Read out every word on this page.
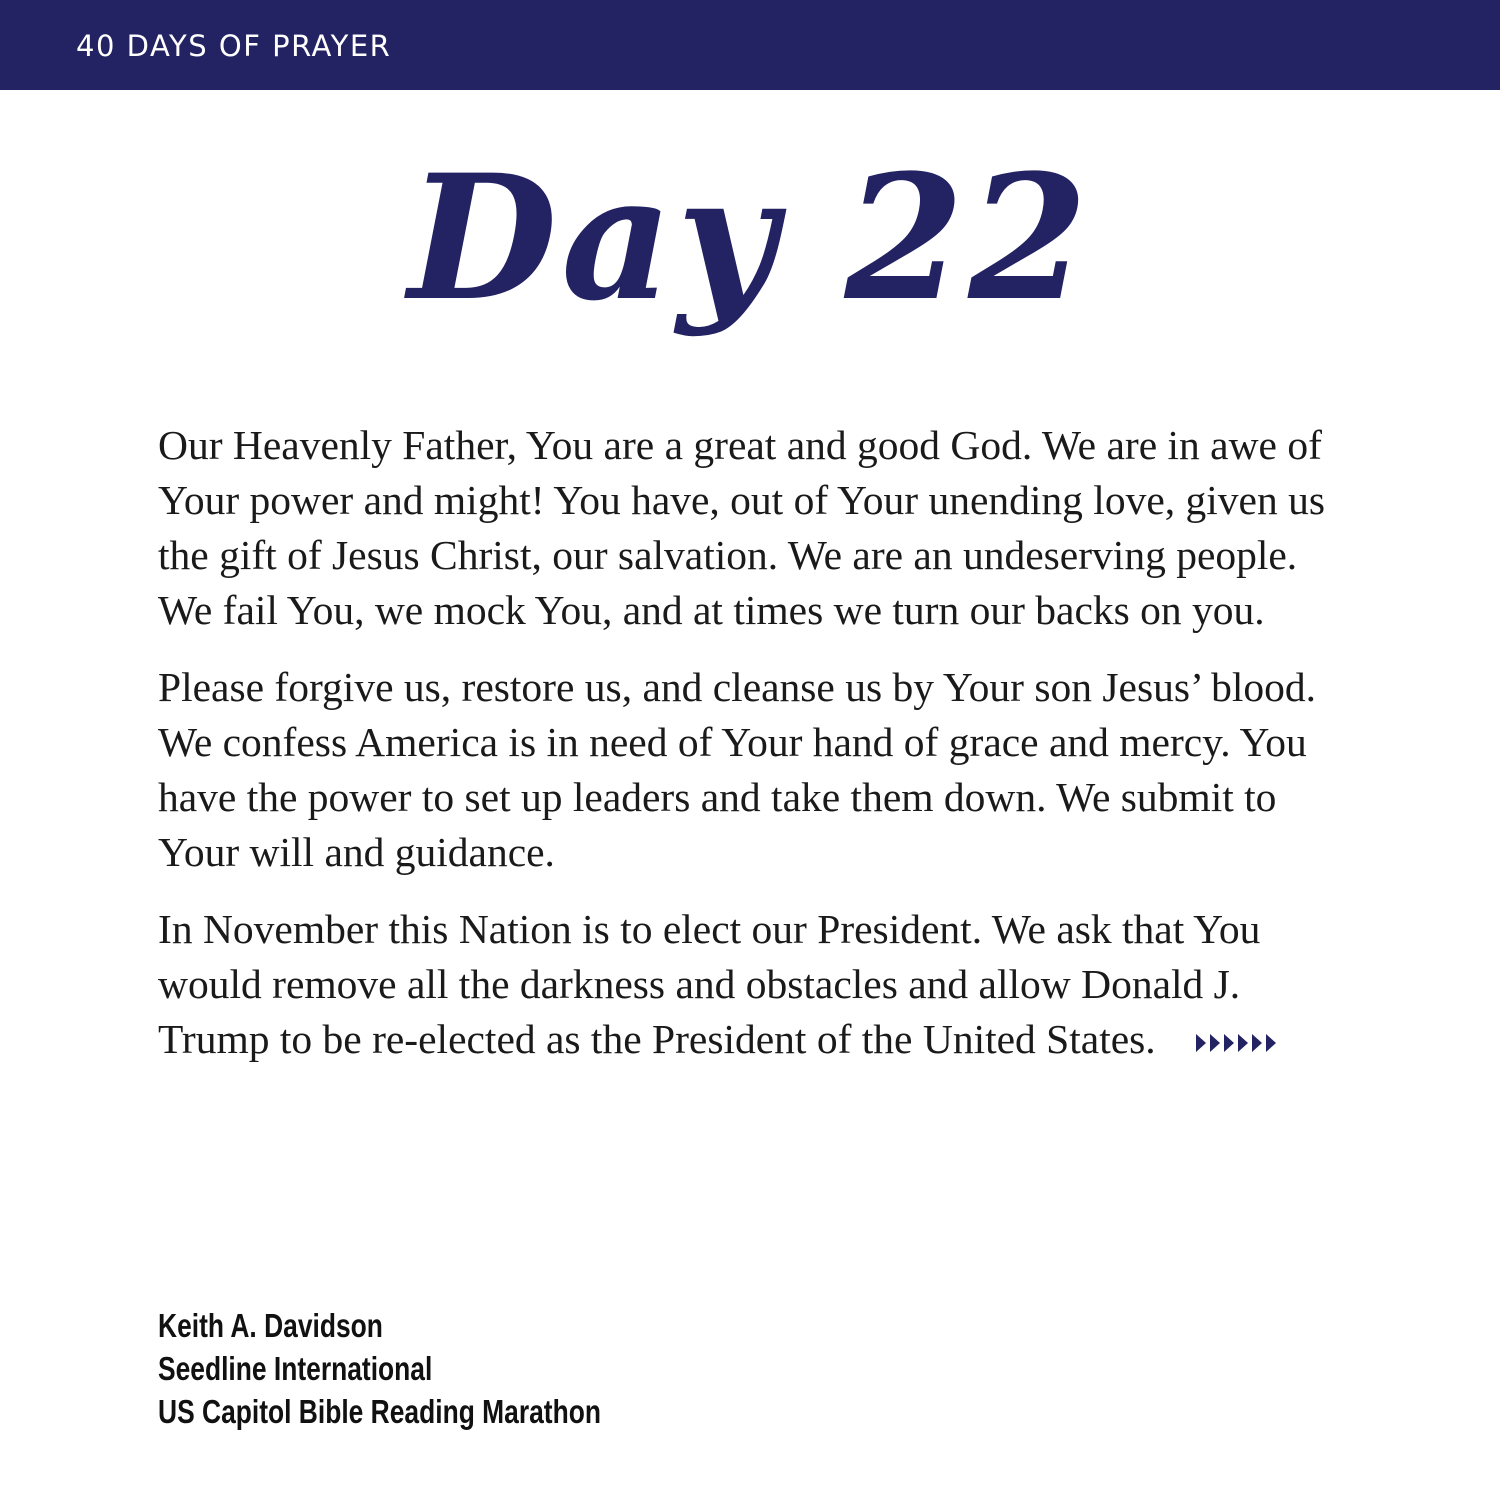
40 DAYS OF PRAYER
Day 22

Our Heavenly Father, You are a great and good God. We are in awe of Your power and might! You have, out of Your unending love, given us the gift of Jesus Christ, our salvation. We are an undeserving people. We fail You, we mock You, and at times we turn our backs on you.

Please forgive us, restore us, and cleanse us by Your son Jesus’ blood. We confess America is in need of Your hand of grace and mercy. You have the power to set up leaders and take them down. We submit to Your will and guidance.

In November this Nation is to elect our President. We ask that You would remove all the darkness and obstacles and allow Donald J. Trump to be re-elected as the President of the United States.

Keith A. Davidson
Seedline International
US Capitol Bible Reading Marathon
